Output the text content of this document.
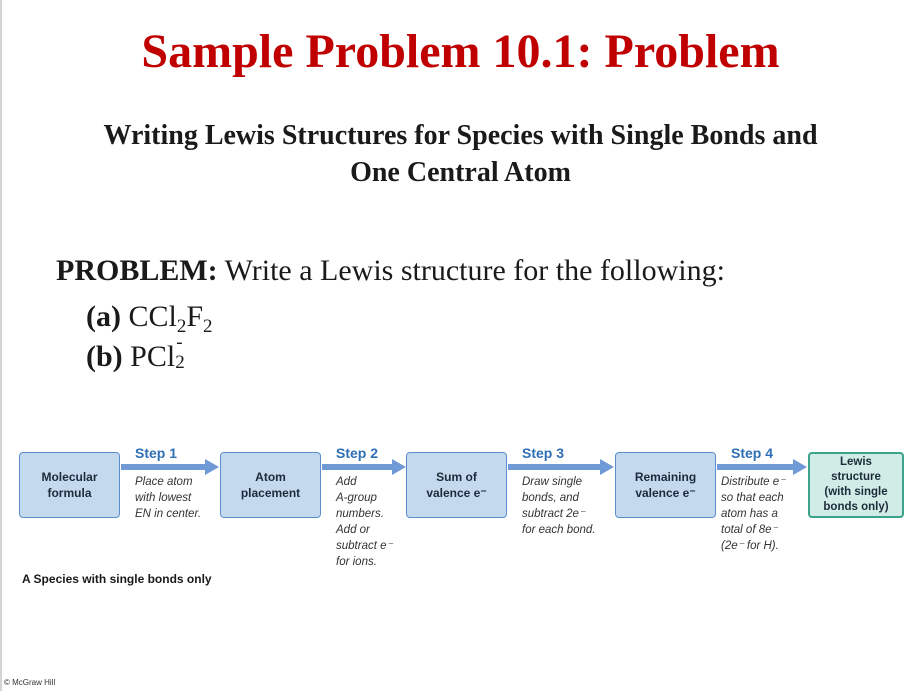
Sample Problem 10.1: Problem
Writing Lewis Structures for Species with Single Bonds and
One Central Atom
PROBLEM: Write a Lewis structure for the following:
(a) $CCl_2F_2$
(b) PCl -
2
Molecular
formula
Atom
placement
Sum of
valence e⁻
Remaining
valence e⁻
Lewis
structure
(with single
bonds only)
Step 1	Step 2	Step 3	Step 4
Place atom
with lowest
EN in center.
Add
A-group
numbers.
Add or
subtract e⁻
for ions.
Draw single
bonds, and
subtract 2e⁻
for each bond.
Distribute e⁻
so that each
atom has a
total of 8e⁻
(2e⁻ for H).
A Species with single bonds only
© McGraw Hill
